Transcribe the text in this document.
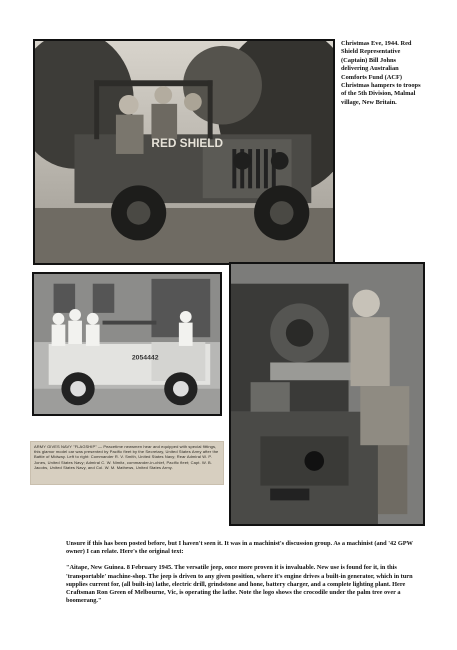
RED SHIELD
Christmas Eve, 1944. Red Shield Representative (Captain) Bill Johns delivering Australian Comforts Fund (ACF) Christmas hampers to troops of the 5th Division, Malmal village, New Britain.
2054442
ARMY GIVES NAVY "FLAGSHIP" — Peacetime newsmen hear and equipped with special fittings, this glamor model car was presented by Pacific fleet by the Secretary, United States Army after the Battle of Midway. Left to right: Commander R. V. Smith, United States Navy; Rear Admiral W. P. Jones, United States Navy; Admiral C. W. Nimitz, commander-in-chief, Pacific fleet; Capt. W. B. Jacobs, United States Navy, and Col. W. M. Mathews, United States Army.

Unsure if this has been posted before, but I haven't seen it. It was in a machinist's discussion group. As a machinist (and '42 GPW owner) I can relate. Here's the original text:

"Aitape, New Guinea. 8 February 1945. The versatile jeep, once more proven it is invaluable. New use is found for it, in this 'transportable' machine-shop. The jeep is driven to any given position, where it's engine drives a built-in generator, which in turn supplies current for, (all built-in) lathe, electric drill, grindstone and hone, battery charger, and a complete lighting plant. Here Craftsman Ron Green of Melbourne, Vic, is operating the lathe. Note the logo shows the crocodile under the palm tree over a boomerang."
